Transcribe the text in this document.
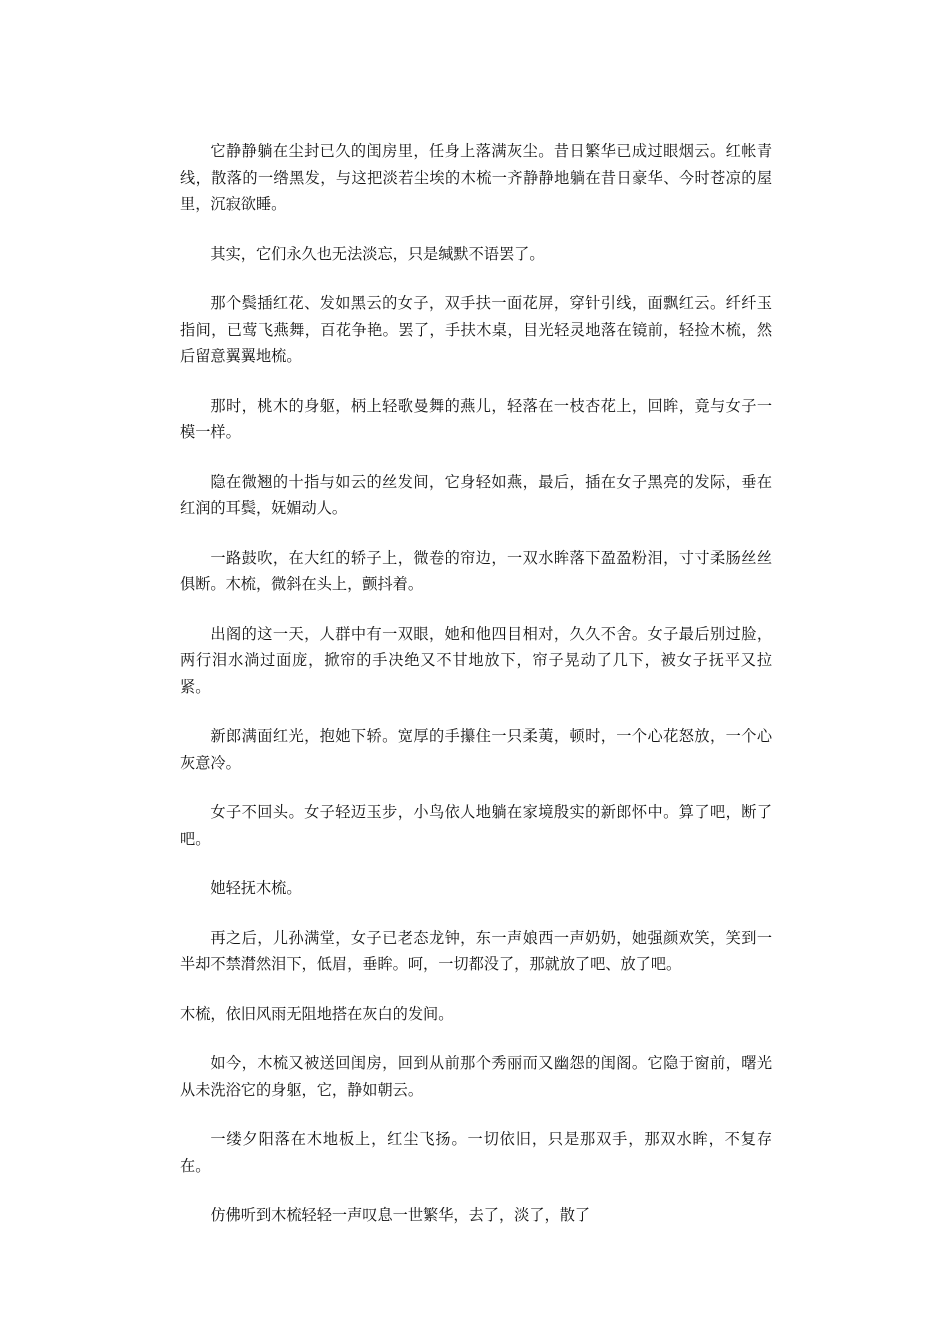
它静静躺在尘封已久的闺房里，任身上落满灰尘。昔日繁华已成过眼烟云。红帐青线，散落的一绺黑发，与这把淡若尘埃的木梳一齐静静地躺在昔日豪华、今时苍凉的屋里，沉寂欲睡。

其实，它们永久也无法淡忘，只是缄默不语罢了。

那个鬓插红花、发如黑云的女子，双手扶一面花屏，穿针引线，面飘红云。纤纤玉指间，已莺飞燕舞，百花争艳。罢了，手扶木桌，目光轻灵地落在镜前，轻捡木梳，然后留意翼翼地梳。

那时，桃木的身躯，柄上轻歌曼舞的燕儿，轻落在一枝杏花上，回眸，竟与女子一模一样。

隐在微翘的十指与如云的丝发间，它身轻如燕，最后，插在女子黑亮的发际，垂在红润的耳鬓，妩媚动人。

一路鼓吹，在大红的轿子上，微卷的帘边，一双水眸落下盈盈粉泪，寸寸柔肠丝丝俱断。木梳，微斜在头上，颤抖着。

出阁的这一天，人群中有一双眼，她和他四目相对，久久不舍。女子最后别过脸，两行泪水淌过面庞，掀帘的手决绝又不甘地放下，帘子晃动了几下，被女子抚平又拉紧。

新郎满面红光，抱她下轿。宽厚的手攥住一只柔荑，顿时，一个心花怒放，一个心灰意冷。

女子不回头。女子轻迈玉步，小鸟依人地躺在家境殷实的新郎怀中。算了吧，断了吧。

她轻抚木梳。

再之后，儿孙满堂，女子已老态龙钟，东一声娘西一声奶奶，她强颜欢笑，笑到一半却不禁潸然泪下，低眉，垂眸。呵，一切都没了，那就放了吧、放了吧。

木梳，依旧风雨无阻地搭在灰白的发间。

如今，木梳又被送回闺房，回到从前那个秀丽而又幽怨的闺阁。它隐于窗前，曙光从未洗浴它的身躯，它，静如朝云。

一缕夕阳落在木地板上，红尘飞扬。一切依旧，只是那双手，那双水眸，不复存在。

仿佛听到木梳轻轻一声叹息一世繁华，去了，淡了，散了
